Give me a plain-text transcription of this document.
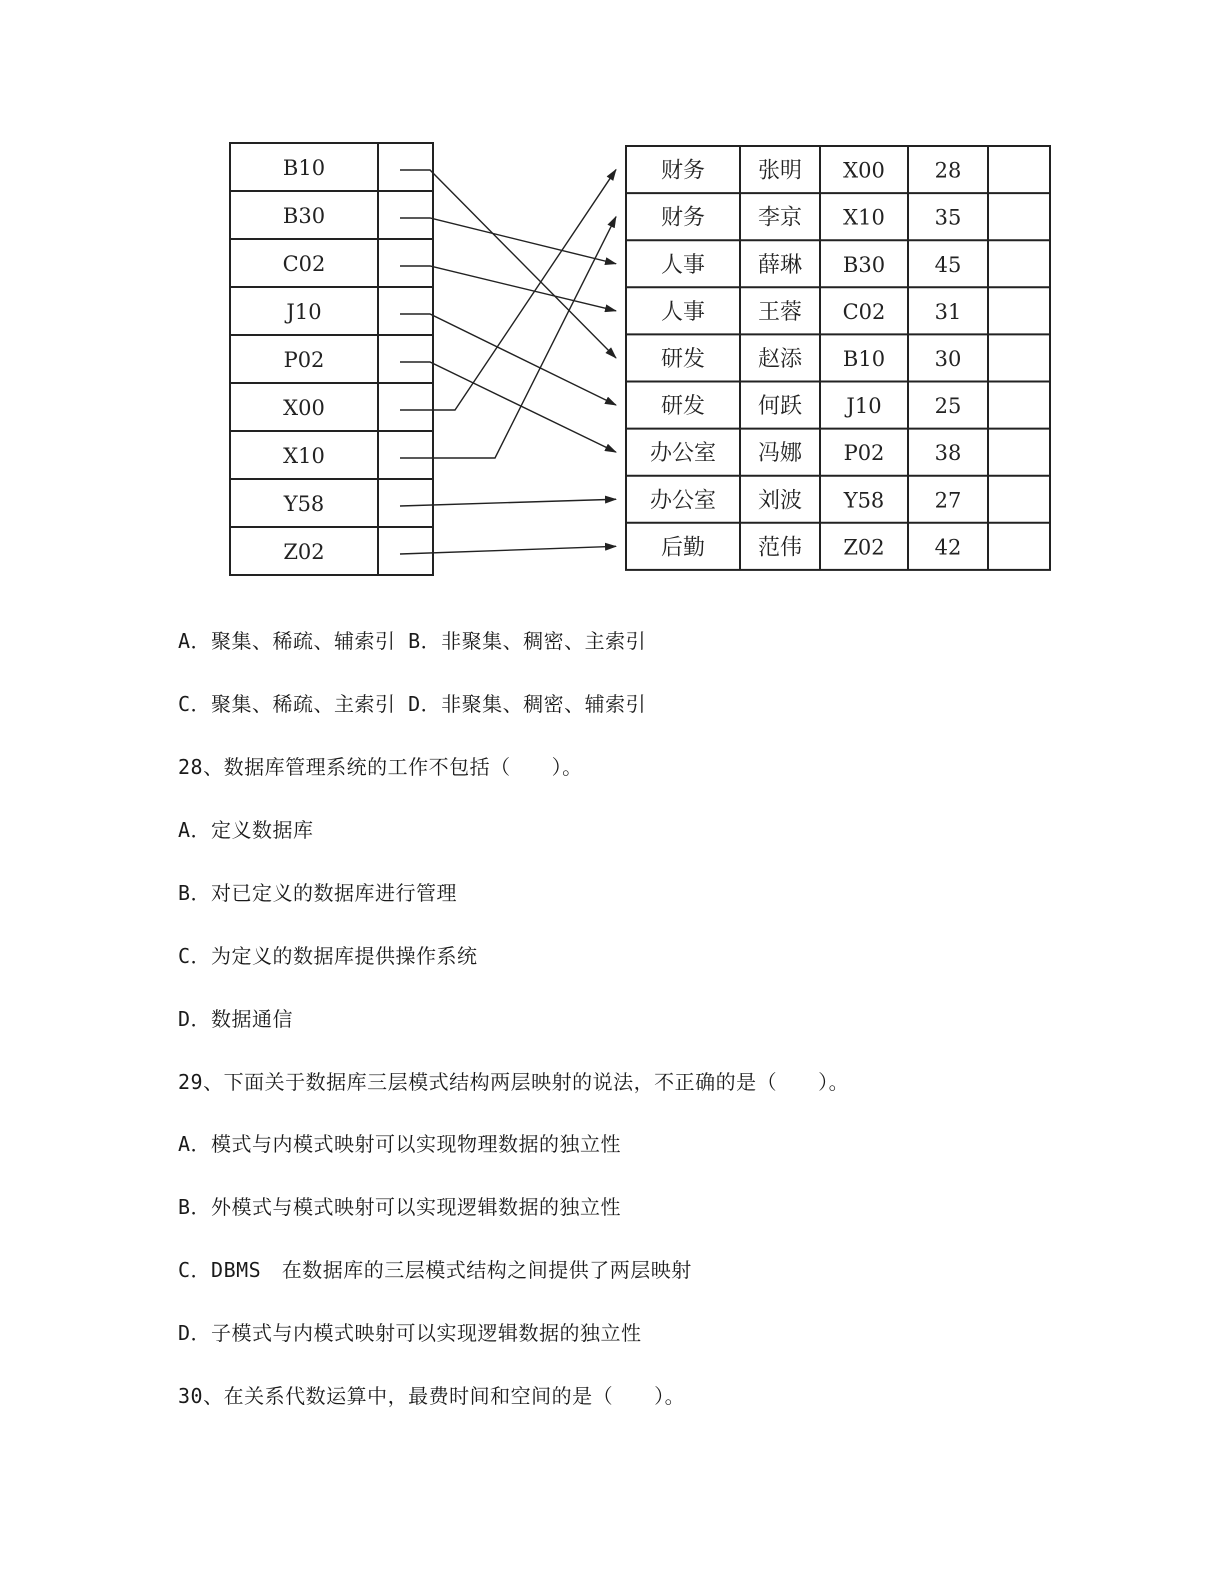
B10
B30
C02
J10
P02
X00
X10
Y58
Z02
财务 张明 X00 28
财务 李京 X10 35
人事 薛琳 B30 45
人事 王蓉 C02 31
研发 赵添 B10 30
研发 何跃 J10	25
办公室 冯娜 P02 38
办公室 刘波 Y58 27
后勤 范伟 Z02 42
A．聚集、稀疏、辅索引 B．非聚集、稠密、主索引
C．聚集、稀疏、主索引 D．非聚集、稠密、辅索引
28、数据库管理系统的工作不包括（　　）。
A．定义数据库
B．对已定义的数据库进行管理
C．为定义的数据库提供操作系统
D．数据通信
29、下面关于数据库三层模式结构两层映射的说法，不正确的是（　　）。
A．模式与内模式映射可以实现物理数据的独立性
B．外模式与模式映射可以实现逻辑数据的独立性
C．DBMS　在数据库的三层模式结构之间提供了两层映射
D．子模式与内模式映射可以实现逻辑数据的独立性
30、在关系代数运算中，最费时间和空间的是（　　）。
